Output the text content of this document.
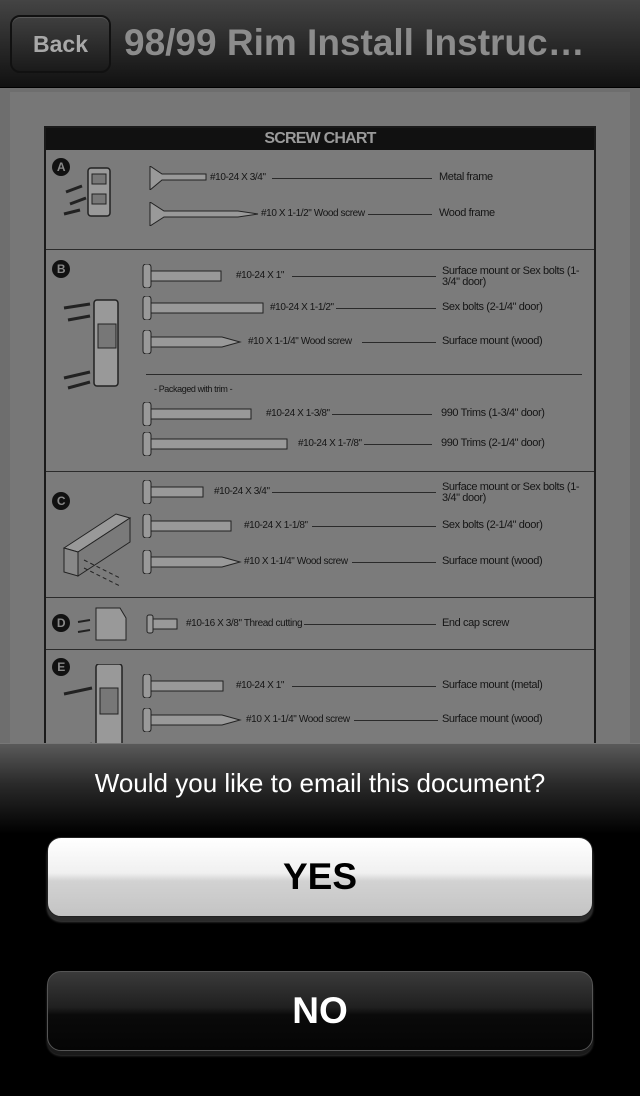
Back 98/99 Rim Install Instruc…
SCREW CHART
A
#10-24 X 3/4"	Metal frame
#10 X 1-1/2" Wood screw	Wood frame
B	#10-24 X 1"	Surface mount or Sex bolts (1-3/4" door)
#10-24 X 1-1/2"	Sex bolts (2-1/4" door)
#10 X 1-1/4" Wood screw	Surface mount (wood)
- Packaged with trim -
#10-24 X 1-3/8"	990 Trims (1-3/4" door)
#10-24 X 1-7/8"	990 Trims (2-1/4" door)
C
#10-24 X 3/4"	Surface mount or Sex bolts (1-3/4" door)
#10-24 X 1-1/8"	Sex bolts (2-1/4" door)
#10 X 1-1/4" Wood screw	Surface mount (wood)
D	#10-16 X 3/8" Thread cutting	End cap screw
E
#10-24 X 1"	Surface mount (metal)
#10 X 1-1/4" Wood screw	Surface mount (wood)
Would you like to email this document?
YES
NO
